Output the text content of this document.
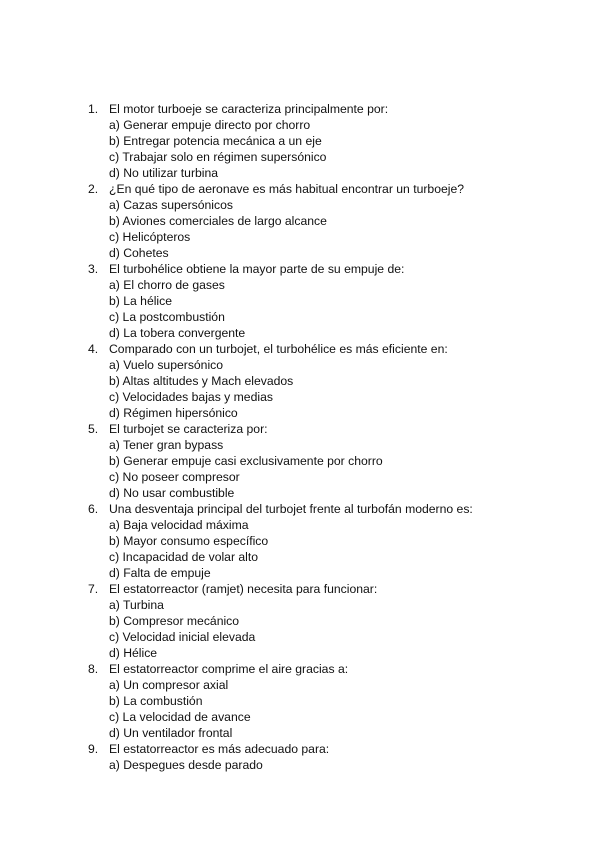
1. El motor turboeje se caracteriza principalmente por:
a) Generar empuje directo por chorro
b) Entregar potencia mecánica a un eje
c) Trabajar solo en régimen supersónico
d) No utilizar turbina
2. ¿En qué tipo de aeronave es más habitual encontrar un turboeje?
a) Cazas supersónicos
b) Aviones comerciales de largo alcance
c) Helicópteros
d) Cohetes
3. El turbohélice obtiene la mayor parte de su empuje de:
a) El chorro de gases
b) La hélice
c) La postcombustión
d) La tobera convergente
4. Comparado con un turbojet, el turbohélice es más eficiente en:
a) Vuelo supersónico
b) Altas altitudes y Mach elevados
c) Velocidades bajas y medias
d) Régimen hipersónico
5. El turbojet se caracteriza por:
a) Tener gran bypass
b) Generar empuje casi exclusivamente por chorro
c) No poseer compresor
d) No usar combustible
6. Una desventaja principal del turbojet frente al turbofán moderno es:
a) Baja velocidad máxima
b) Mayor consumo específico
c) Incapacidad de volar alto
d) Falta de empuje
7. El estatorreactor (ramjet) necesita para funcionar:
a) Turbina
b) Compresor mecánico
c) Velocidad inicial elevada
d) Hélice
8. El estatorreactor comprime el aire gracias a:
a) Un compresor axial
b) La combustión
c) La velocidad de avance
d) Un ventilador frontal
9. El estatorreactor es más adecuado para:
a) Despegues desde parado
